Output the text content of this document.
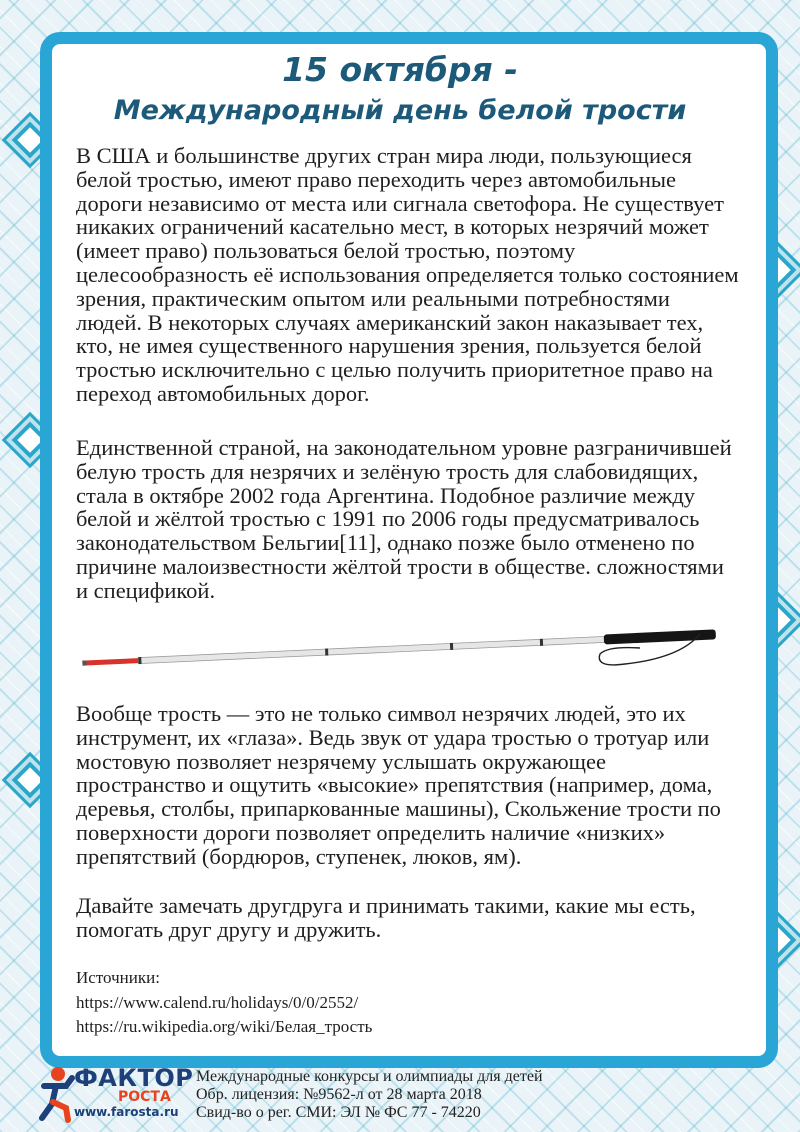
15 октября -
Международный день белой трости

В США и большинстве других стран мира люди, пользующиеся белой тростью, имеют право переходить через автомобильные дороги независимо от места или сигнала светофора. Не существует никаких ограничений касательно мест, в которых незрячий может (имеет право) пользоваться белой тростью, поэтому целесообразность её использования определяется только состоянием зрения, практическим опытом или реальными потребностями людей. В некоторых случаях американский закон наказывает тех, кто, не имея существенного нарушения зрения, пользуется белой тростью исключительно с целью получить приоритетное право на переход автомобильных дорог.

Единственной страной, на законодательном уровне разграничившей белую трость для незрячих и зелёную трость для слабовидящих, стала в октябре 2002 года Аргентина. Подобное различие между белой и жёлтой тростью с 1991 по 2006 годы предусматривалось законодательством Бельгии[11], однако позже было отменено по причине малоизвестности жёлтой трости в обществе. сложностями и спецификой.

Вообще трость — это не только символ незрячих людей, это их инструмент, их «глаза». Ведь звук от удара тростью о тротуар или мостовую позволяет незрячему услышать окружающее пространство и ощутить «высокие» препятствия (например, дома, деревья, столбы, припаркованные машины), Скольжение трости по поверхности дороги позволяет определить наличие «низких» препятствий (бордюров, ступенек, люков, ям).

Давайте замечать другдруга и принимать такими, какие мы есть, помогать друг другу и дружить.

Источники:
https://www.calend.ru/holidays/0/0/2552/
https://ru.wikipedia.org/wiki/Белая_трость
ФАКТОР
РОСТА
www.farosta.ru
Международные конкурсы и олимпиады для детей
Обр. лицензия: №9562-л от 28 марта 2018
Свид-во о рег. СМИ: ЭЛ № ФС 77 - 74220
